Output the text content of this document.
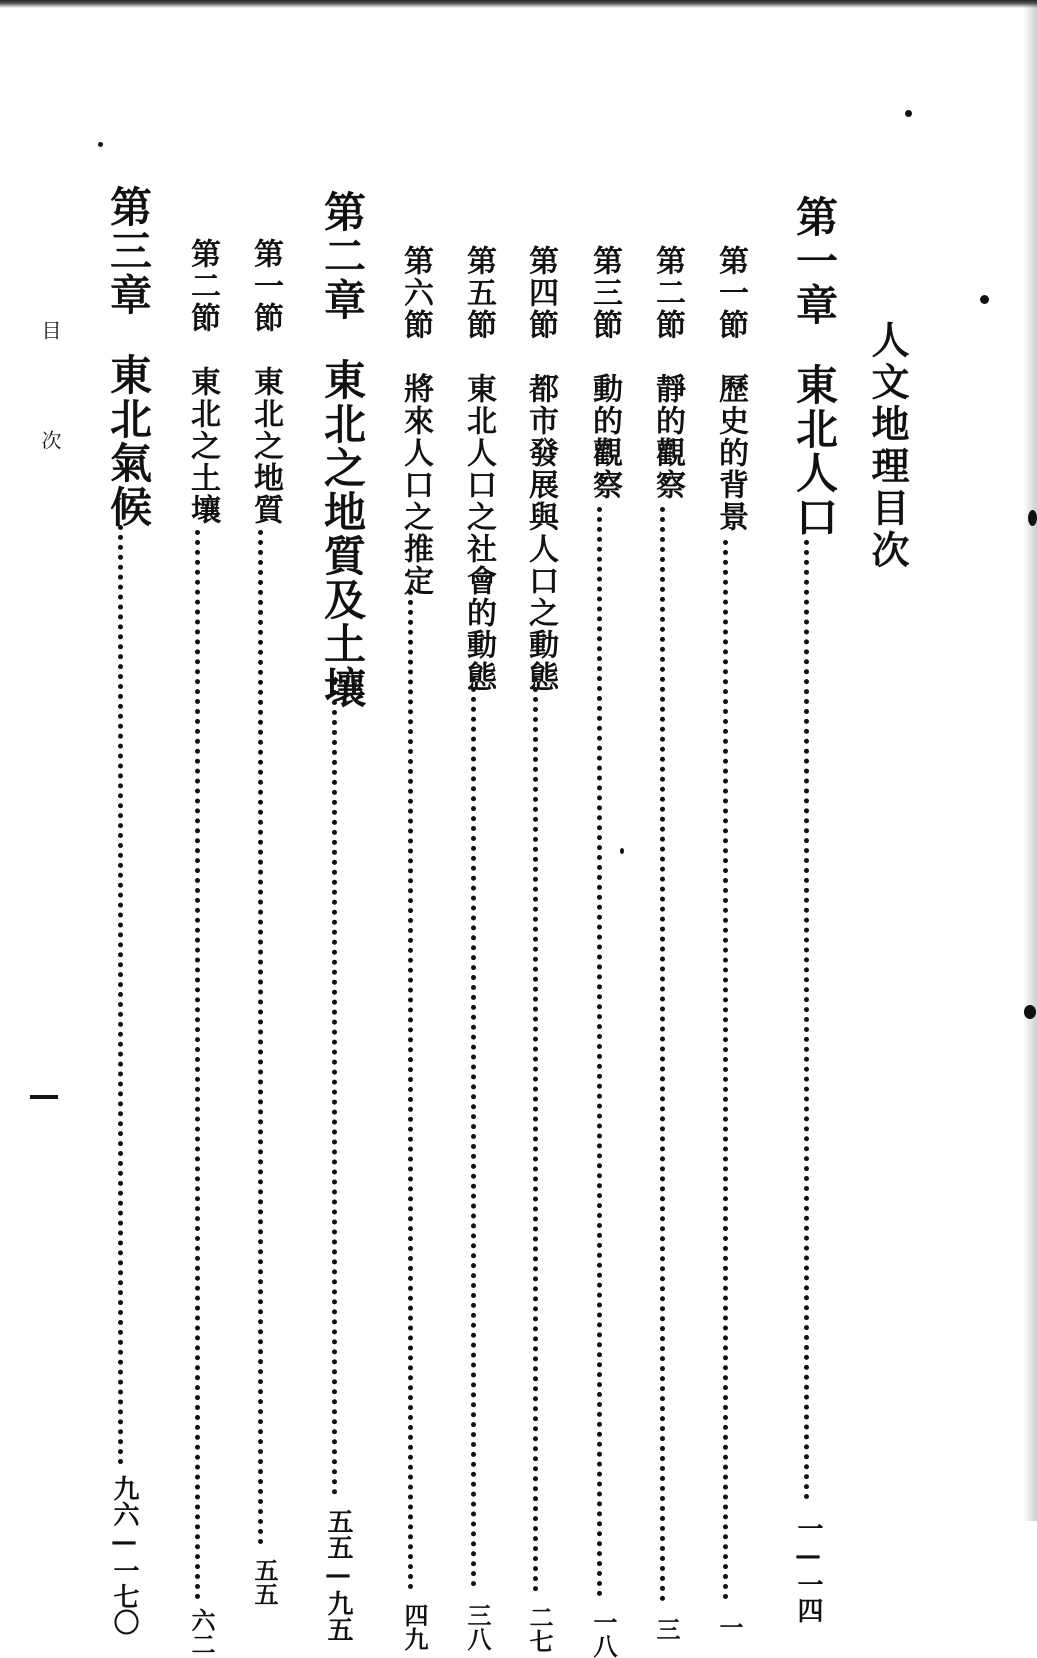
人文地理目次
第一章
東北人口
一—一四
第一節
歷史的背景
一
第二節
靜的觀察
三
第三節
動的觀察
一八
第四節
都市發展與人口之動態
二七
第五節
東北人口之社會的動態
三八
第六節
將來人口之推定
四九
第二章
東北之地質及土壤
五五—九五
第一節
東北之地質
五五
第二節
東北之土壤
六二
第三章
東北氣候
九六—一七〇
目次
